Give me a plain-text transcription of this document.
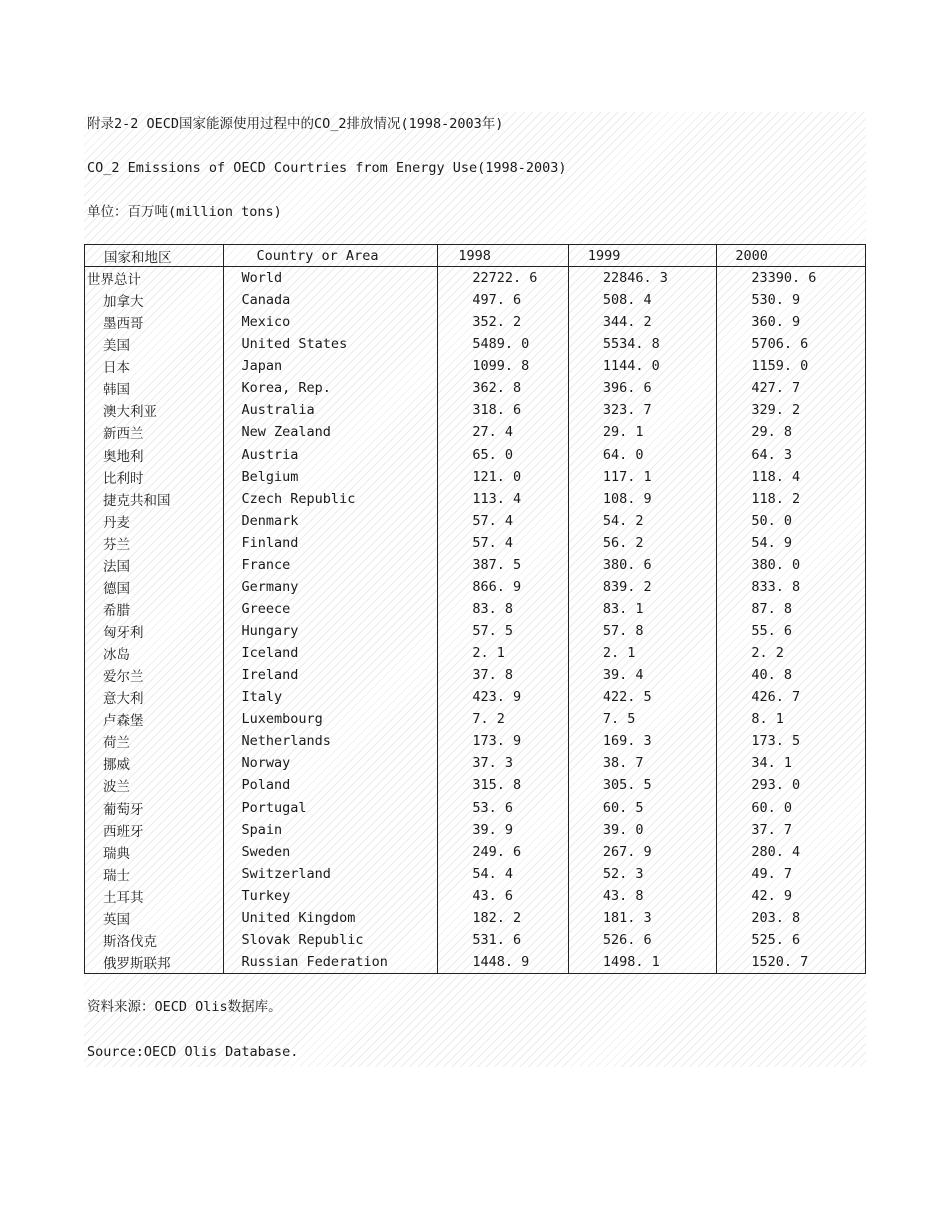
附录2-2 OECD国家能源使用过程中的CO_2排放情况(1998-2003年)
CO_2 Emissions of OECD Courtries from Energy Use(1998-2003)
单位：百万吨(million tons)
国家和地区	Country or Area	1998	1999	2000
世界总计	World	22722. 6	22846. 3	23390. 6
加拿大	Canada	497. 6	508. 4	530. 9
墨西哥	Mexico	352. 2	344. 2	360. 9
美国	United States	5489. 0	5534. 8	5706. 6
日本	Japan	1099. 8	1144. 0	1159. 0
韩国	Korea, Rep.	362. 8	396. 6	427. 7
澳大利亚	Australia	318. 6	323. 7	329. 2
新西兰	New Zealand	27. 4	29. 1	29. 8
奥地利	Austria	65. 0	64. 0	64. 3
比利时	Belgium	121. 0	117. 1	118. 4
捷克共和国	Czech Republic	113. 4	108. 9	118. 2
丹麦	Denmark	57. 4	54. 2	50. 0
芬兰	Finland	57. 4	56. 2	54. 9
法国	France	387. 5	380. 6	380. 0
德国	Germany	866. 9	839. 2	833. 8
希腊	Greece	83. 8	83. 1	87. 8
匈牙利	Hungary	57. 5	57. 8	55. 6
冰岛	Iceland	2. 1	2. 1	2. 2
爱尔兰	Ireland	37. 8	39. 4	40. 8
意大利	Italy	423. 9	422. 5	426. 7
卢森堡	Luxembourg	7. 2	7. 5	8. 1
荷兰	Netherlands	173. 9	169. 3	173. 5
挪威	Norway	37. 3	38. 7	34. 1
波兰	Poland	315. 8	305. 5	293. 0
葡萄牙	Portugal	53. 6	60. 5	60. 0
西班牙	Spain	39. 9	39. 0	37. 7
瑞典	Sweden	249. 6	267. 9	280. 4
瑞士	Switzerland	54. 4	52. 3	49. 7
土耳其	Turkey	43. 6	43. 8	42. 9
英国	United Kingdom	182. 2	181. 3	203. 8
斯洛伐克	Slovak Republic	531. 6	526. 6	525. 6
俄罗斯联邦	Russian Federation	1448. 9	1498. 1	1520. 7
资料来源：OECD Olis数据库。
Source:OECD Olis Database.
